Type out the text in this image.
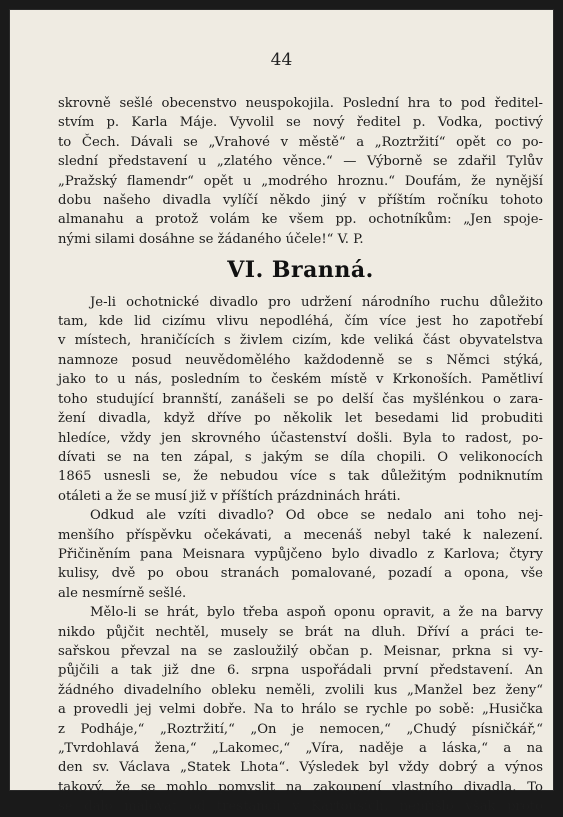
44
skrovně sešlé obecenstvo neuspokojila. Poslední hra to pod ředitel-
stvím p. Karla Máje. Vyvolil se nový ředitel p. Vodka, poctivý
to Čech. Dávali se „Vrahové v městě“ a „Roztržití“ opět co po-
slední představení u „zlatého věnce.“ — Výborně se zdařil Tylův
„Pražský flamendr“ opět u „modrého hroznu.“ Doufám, že nynější
dobu našeho divadla vylíčí někdo jiný v příštím ročníku tohoto
almanahu a protož volám ke všem pp. ochotníkům: „Jen spoje-
nými silami dosáhne se žádaného účele!“ V. P.
VI. Branná.
Je-li ochotnické divadlo pro udržení národního ruchu důležito
tam, kde lid cizímu vlivu nepodléhá, čím více jest ho zapotřebí
v místech, hraničících s živlem cizím, kde veliká část obyvatelstva
namnoze posud neuvědomělého každodenně se s Němci stýká,
jako to u nás, posledním to českém místě v Krkonoších. Pamětliví
toho studující brannští, zanášeli se po delší čas myšlénkou o zara-
žení divadla, když dříve po několik let besedami lid probuditi
hledíce, vždy jen skrovného účastenství došli. Byla to radost, po-
dívati se na ten zápal, s jakým se díla chopili. O velikonocích
1865 usnesli se, že nebudou více s tak důležitým podniknutím
otáleti a že se musí již v příštích prázdninách hráti.
Odkud ale vzíti divadlo? Od obce se nedalo ani toho nej-
menšího příspěvku očekávati, a mecenáš nebyl také k nalezení.
Přičiněním pana Meisnara vypůjčeno bylo divadlo z Karlova; čtyry
kulisy, dvě po obou stranách pomalované, pozadí a opona, vše
ale nesmírně sešlé.
Mělo-li se hrát, bylo třeba aspoň oponu opravit, a že na barvy
nikdo půjčit nechtěl, musely se brát na dluh. Dříví a práci te-
sařskou převzal na se zasloužilý občan p. Meisnar, prkna si vy-
půjčili a tak již dne 6. srpna uspořádali první představení. An
žádného divadelního obleku neměli, zvolili kus „Manžel bez ženy“
a provedli jej velmi dobře. Na to hrálo se rychle po sobě: „Husička
z Podháje,“ „Roztržití,“ „On je nemocen,“ „Chudý písničkář,“
„Tvrdohlavá žena,“ „Lakomec,“ „Víra, naděje a láska,“ a na
den sv. Václava „Statek Lhota“. Výsledek byl vždy dobrý a výnos
takový, že se mohlo pomyslit na zakoupení vlastního divadla. To
se dalo malovat od trestanců v Kartousích, nepřišlo však proto
